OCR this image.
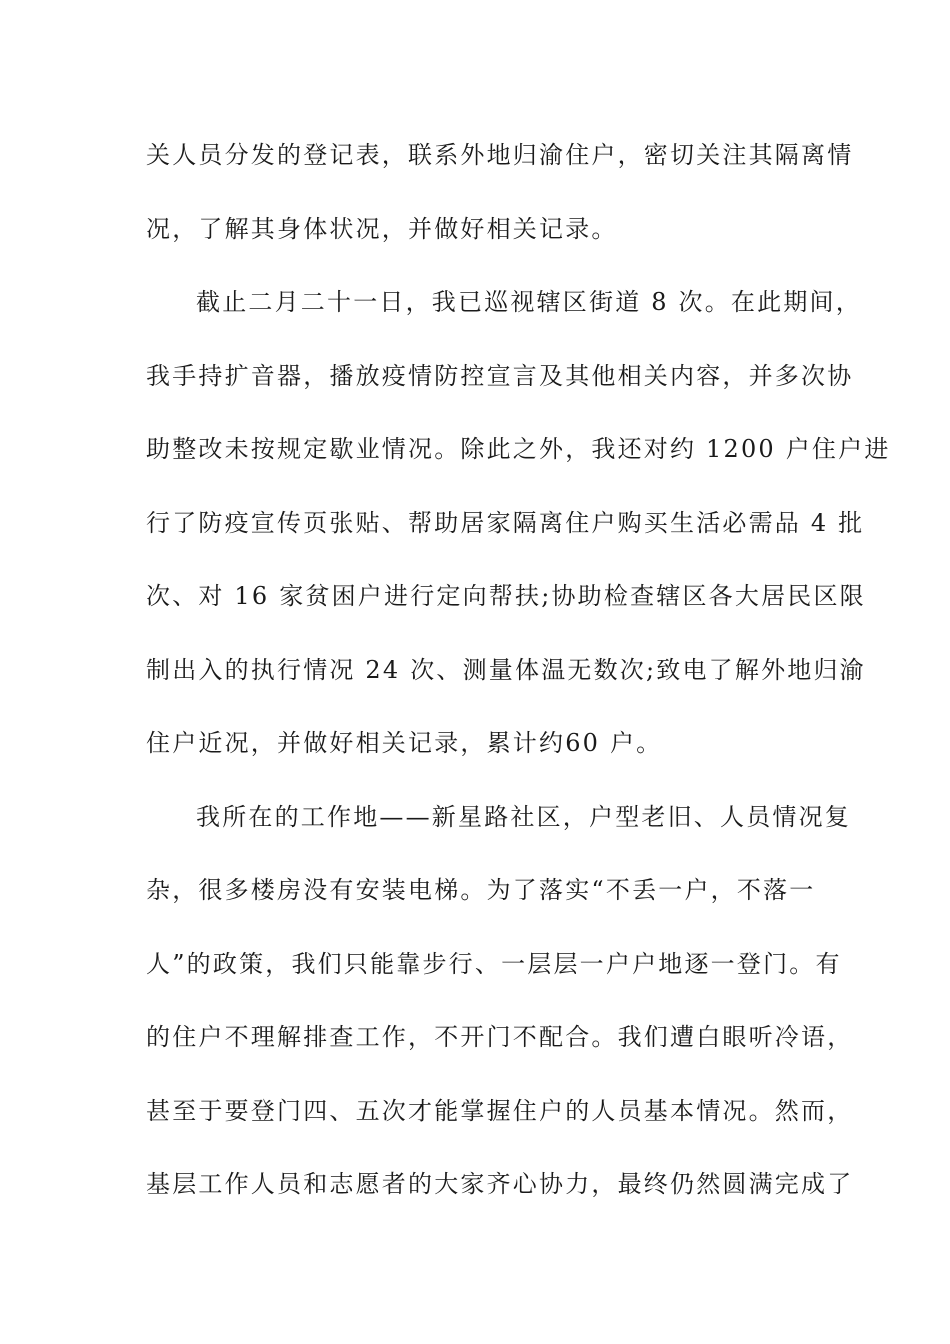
关人员分发的登记表，联系外地归渝住户，密切关注其隔离情
况，了解其身体状况，并做好相关记录。
截止二月二十一日，我已巡视辖区街道 8 次。在此期间，
我手持扩音器，播放疫情防控宣言及其他相关内容，并多次协
助整改未按规定歇业情况。除此之外，我还对约 1200 户住户进
行了防疫宣传页张贴、帮助居家隔离住户购买生活必需品 4 批
次、对 16 家贫困户进行定向帮扶;协助检查辖区各大居民区限
制出入的执行情况 24 次、测量体温无数次;致电了解外地归渝
住户近况，并做好相关记录，累计约60 户。
我所在的工作地——新星路社区，户型老旧、人员情况复
杂，很多楼房没有安装电梯。为了落实“不丢一户，不落一
人”的政策，我们只能靠步行、一层层一户户地逐一登门。有
的住户不理解排查工作，不开门不配合。我们遭白眼听冷语，
甚至于要登门四、五次才能掌握住户的人员基本情况。然而，
基层工作人员和志愿者的大家齐心协力，最终仍然圆满完成了
